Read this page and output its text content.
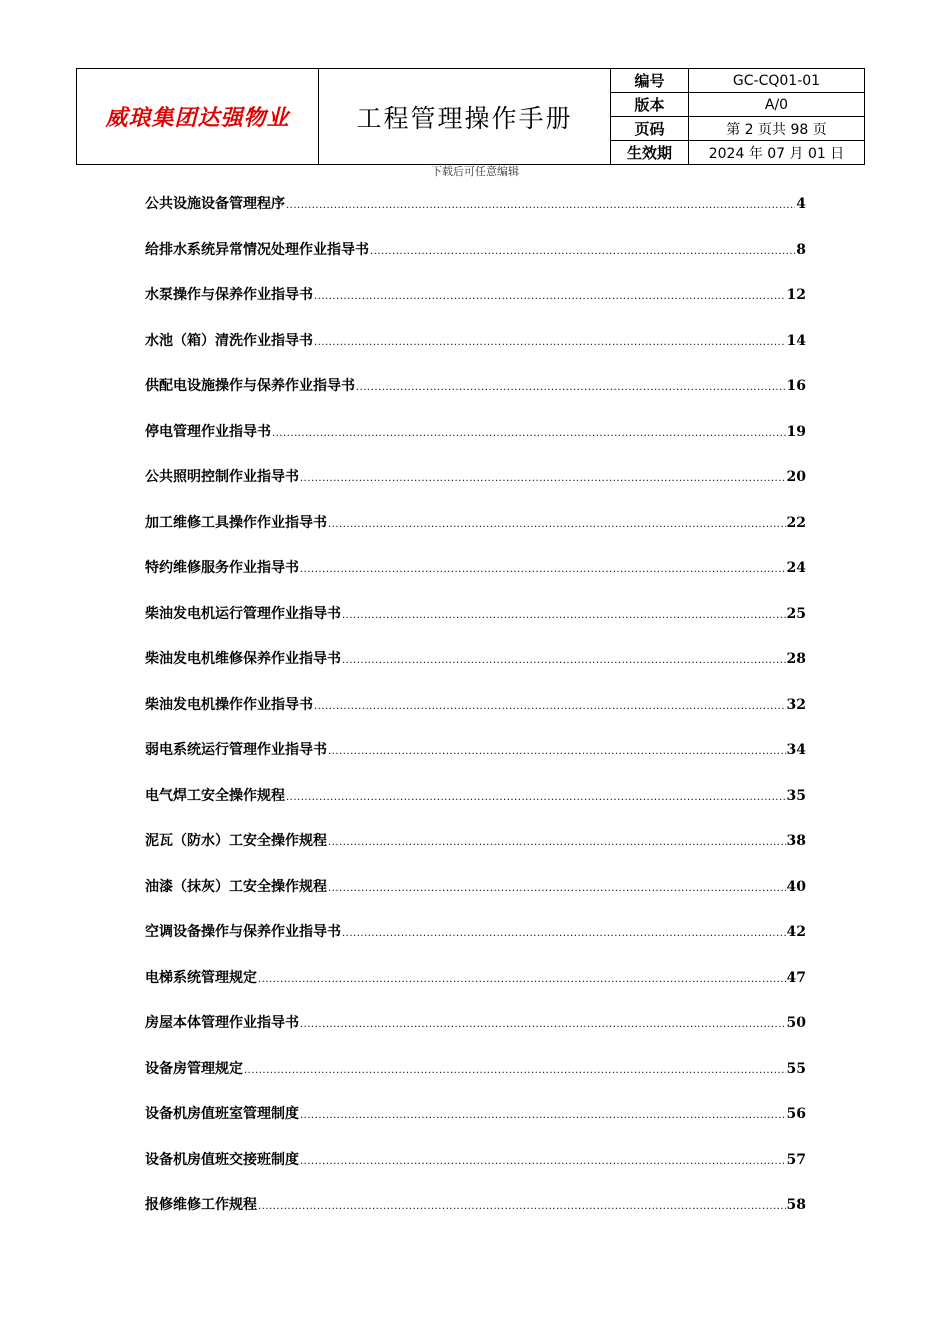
威琅集团达强物业	工程管理操作手册	编号	GC-CQ01-01
		版本	A/0
		页码	第 2 页共 98 页
		生效期	2024 年 07 月 01 日
下载后可任意编辑
公共设施设备管理程序 .....	4
给排水系统异常情况处理作业指导书 .....	8
水泵操作与保养作业指导书 .....	12
水池（箱）清洗作业指导书 .....	14
供配电设施操作与保养作业指导书 .....	16
停电管理作业指导书 .....	19
公共照明控制作业指导书 .....	20
加工维修工具操作作业指导书 .....	22
特约维修服务作业指导书 .....	24
柴油发电机运行管理作业指导书 .....	25
柴油发电机维修保养作业指导书 .....	28
柴油发电机操作作业指导书 .....	32
弱电系统运行管理作业指导书 .....	34
电气焊工安全操作规程 .....	35
泥瓦（防水）工安全操作规程 .....	38
油漆（抹灰）工安全操作规程 .....	40
空调设备操作与保养作业指导书 .....	42
电梯系统管理规定 .....	47
房屋本体管理作业指导书 .....	50
设备房管理规定 .....	55
设备机房值班室管理制度 .....	56
设备机房值班交接班制度 .....	57
报修维修工作规程 .....	58
